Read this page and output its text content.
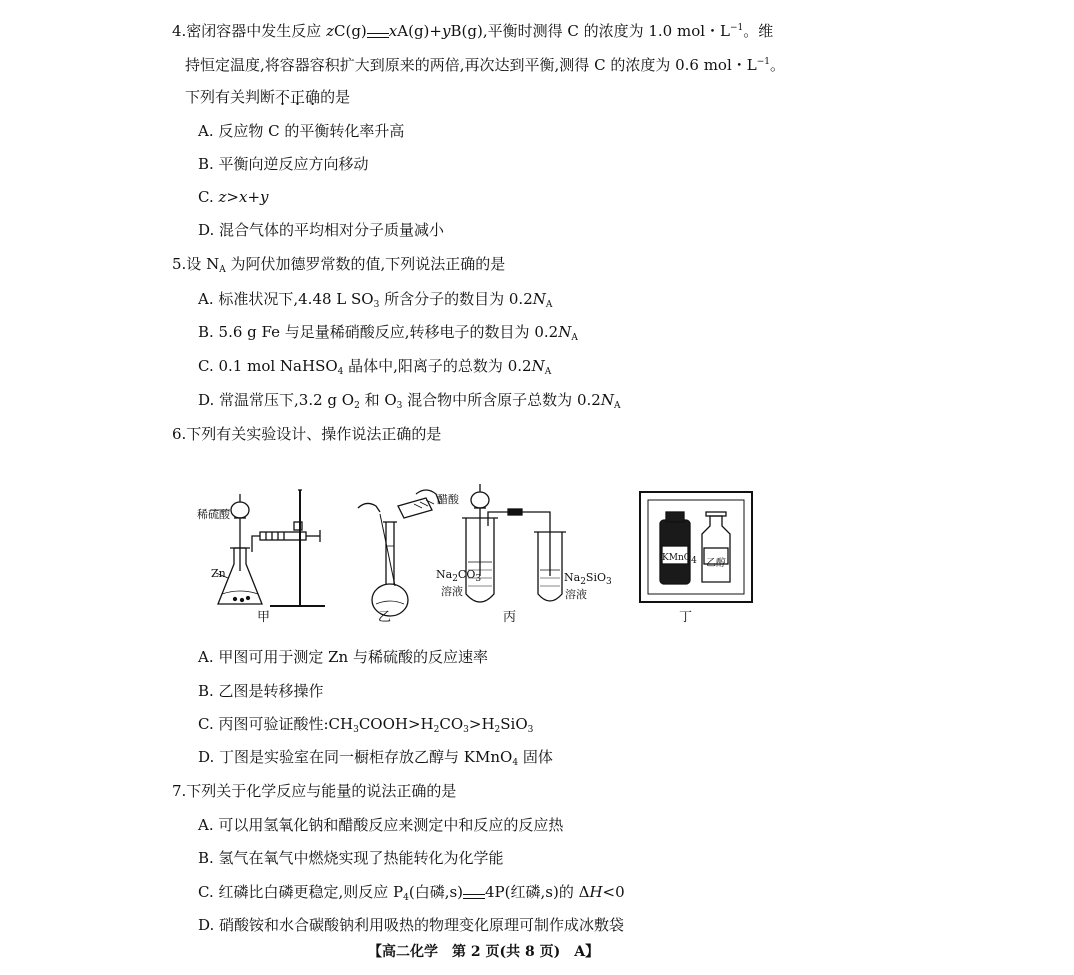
4.密闭容器中发生反应 zC(g) xA(g)+yB(g),平衡时测得 C 的浓度为 1.0 mol・$L^{-1}$。维
持恒定温度,将容器容积扩大到原来的两倍,再次达到平衡,测得 C 的浓度为 0.6 mol・$L^{-1}$。
下列有关判断不正确的是
A. 反应物 C 的平衡转化率升高
B. 平衡向逆反应方向移动
C. z>x+y
D. 混合气体的平均相对分子质量减小
5.设 $N_A$ 为阿伏加德罗常数的值,下列说法正确的是
A. 标准状况下,4.48 L $SO_3$ 所含分子的数目为 $0.2N_A$
B. 5.6 g Fe 与足量稀硝酸反应,转移电子的数目为 $0.2N_A$
C. 0.1 mol NaHSO$_4$ 晶体中,阳离子的总数为 $0.2N_A$
D. 常温常压下,3.2 g $O_2$ 和 $O_3$ 混合物中所含原子总数为 $0.2N_A$
6.下列有关实验设计、操作说法正确的是
稀硫酸
Zn
醋酸
$Na_2CO_3$
溶液
$Na_2SiO_3$
溶液
KMnO$_4$ 乙醇
甲	乙	丙	丁
A. 甲图可用于测定 Zn 与稀硫酸的反应速率
B. 乙图是转移操作
C. 丙图可验证酸性$:CH_3COOH>H_2CO_3>H_2SiO_3$
D. 丁图是实验室在同一橱柜存放乙醇与 KMnO$_4$ 固体
7.下列关于化学反应与能量的说法正确的是
A. 可以用氢氧化钠和醋酸反应来测定中和反应的反应热
B. 氢气在氧气中燃烧实现了热能转化为化学能
C. 红磷比白磷更稳定,则反应 $P_4$(白磷,s) 4P(红磷,s)的 ΔH<0
D. 硝酸铵和水合碳酸钠利用吸热的物理变化原理可制作成冰敷袋
【高二化学　第 2 页(共 8 页)　A】
